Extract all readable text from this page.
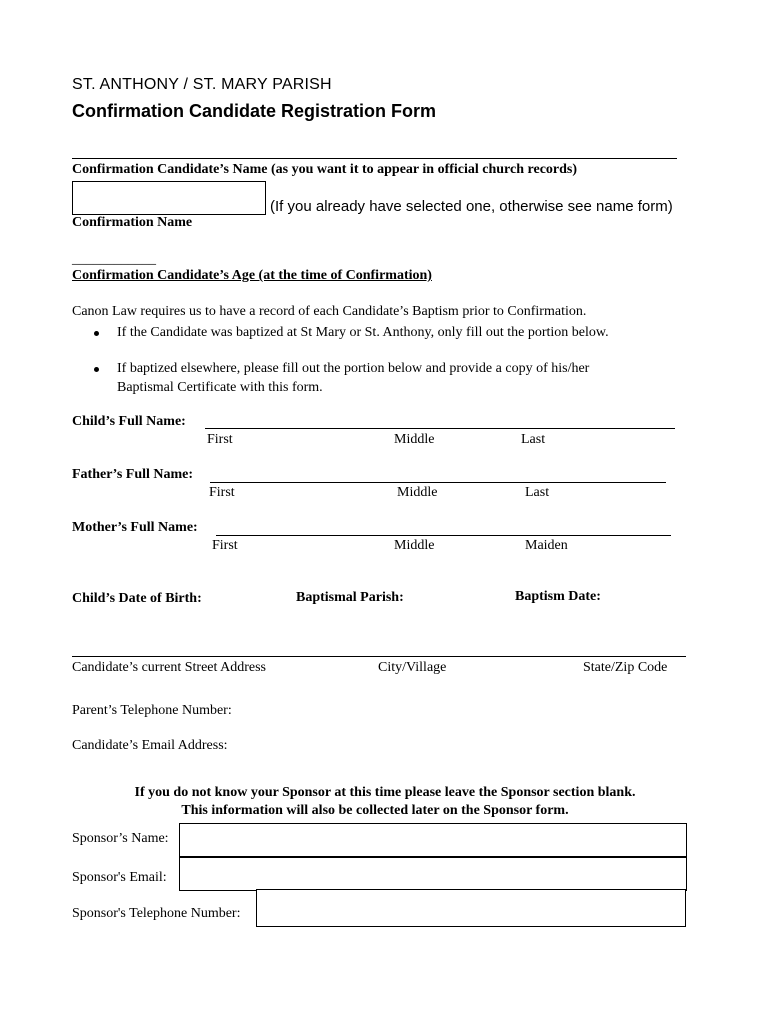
ST. ANTHONY / ST. MARY PARISH
Confirmation Candidate Registration Form
Confirmation Candidate’s Name (as you want it to appear in official church records)
(If you already have selected one, otherwise see name form)
Confirmation Name
____________
Confirmation Candidate’s Age (at the time of Confirmation)
Canon Law requires us to have a record of each Candidate’s Baptism prior to Confirmation.
If the Candidate was baptized at St Mary or St. Anthony, only fill out the portion below.
If baptized elsewhere, please fill out the portion below and provide a copy of his/her
Baptismal Certificate with this form.
Child’s Full Name:
First	Middle	Last
Father’s Full Name:
First	Middle	Last
Mother’s Full Name:
First	Middle	Maiden
Child’s Date of Birth:	Baptismal Parish:	Baptism Date:
Candidate’s current Street Address	City/Village	State/Zip Code
Parent’s Telephone Number:
Candidate’s Email Address:
If you do not know your Sponsor at this time please leave the Sponsor section blank.
This information will also be collected later on the Sponsor form.
Sponsor’s Name:
Sponsor's Email:
Sponsor's Telephone Number:
